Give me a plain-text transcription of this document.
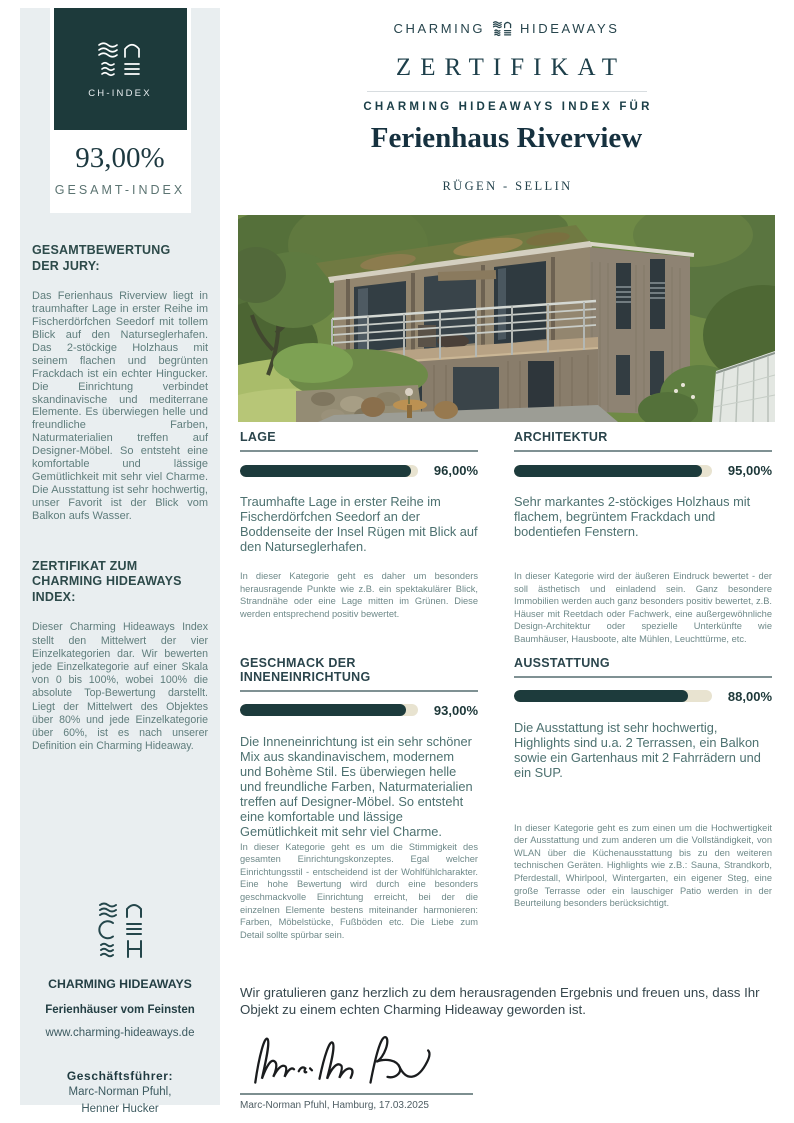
CH-INDEX
93,00%
GESAMT-INDEX
GESAMTBEWERTUNG
DER JURY:

Das Ferienhaus Riverview liegt in traumhafter Lage in erster Reihe im Fischerdörfchen Seedorf mit tollem Blick auf den Naturseglerhafen. Das 2-stöckige Holzhaus mit seinem flachen und begrünten Frackdach ist ein echter Hingucker. Die Einrichtung verbindet skandinavische und mediterrane Elemente. Es überwiegen helle und freundliche Farben, Naturmaterialien treffen auf Designer-Möbel. So entsteht eine komfortable und lässige Gemütlichkeit mit sehr viel Charme. Die Ausstattung ist sehr hochwertig, unser Favorit ist der Blick vom Balkon aufs Wasser.

ZERTIFIKAT ZUM
CHARMING HIDEAWAYS INDEX:

Dieser Charming Hideaways Index stellt den Mittelwert der vier Einzelkategorien dar. Wir bewerten jede Einzelkategorie auf einer Skala von 0 bis 100%, wobei 100% die absolute Top-Bewertung darstellt. Liegt der Mittelwert des Objektes über 80% und jede Einzelkategorie über 60%, ist es nach unserer Definition ein Charming Hideaway.

CHARMING HIDEAWAYS
Ferienhäuser vom Feinsten
www.charming-hideaways.de
Geschäftsführer:
Marc-Norman Pfuhl,
Henner Hucker
CHARMING	HIDEAWAYS
ZERTIFIKAT
CHARMING HIDEAWAYS INDEX FÜR
Ferienhaus Riverview
RÜGEN - SELLIN
LAGE
96,00%

Traumhafte Lage in erster Reihe im Fischerdörfchen Seedorf an der Boddenseite der Insel Rügen mit Blick auf den Naturseglerhafen.

In dieser Kategorie geht es daher um besonders herausragende Punkte wie z.B. ein spektakulärer Blick, Strandnähe oder eine Lage mitten im Grünen. Diese werden entsprechend positiv bewertet.

ARCHITEKTUR
95,00%

Sehr markantes 2-stöckiges Holzhaus mit flachem, begrüntem Frackdach und bodentiefen Fenstern.

In dieser Kategorie wird der äußeren Eindruck bewertet - der soll ästhetisch und einladend sein. Ganz besondere Immobilien werden auch ganz besonders positiv bewertet, z.B. Häuser mit Reetdach oder Fachwerk, eine außergewöhnliche Design-Architektur oder spezielle Unterkünfte wie Baumhäuser, Hausboote, alte Mühlen, Leuchttürme, etc.

GESCHMACK DER INNENEINRICHTUNG
93,00%

Die Inneneinrichtung ist ein sehr schöner Mix aus skandinavischem, modernem und Bohème Stil. Es überwiegen helle und freundliche Farben, Naturmaterialien treffen auf Designer-Möbel. So entsteht eine komfortable und lässige Gemütlichkeit mit sehr viel Charme.

In dieser Kategorie geht es um die Stimmigkeit des gesamten Einrichtungskonzeptes. Egal welcher Einrichtungsstil - entscheidend ist der Wohlfühlcharakter. Eine hohe Bewertung wird durch eine besonders geschmackvolle Einrichtung erreicht, bei der die einzelnen Elemente bestens miteinander harmonieren: Farben, Möbelstücke, Fußböden etc. Die Liebe zum Detail sollte spürbar sein.

AUSSTATTUNG
88,00%

Die Ausstattung ist sehr hochwertig, Highlights sind u.a. 2 Terrassen, ein Balkon sowie ein Gartenhaus mit 2 Fahrrädern und ein SUP.

In dieser Kategorie geht es zum einen um die Hochwertigkeit der Ausstattung und zum anderen um die Vollständigkeit, von WLAN über die Küchenausstattung bis zu den weiteren technischen Geräten. Highlights wie z.B.: Sauna, Strandkorb, Pferdestall, Whirlpool, Wintergarten, ein eigener Steg, eine große Terrasse oder ein lauschiger Patio werden in der Beurteilung besonders berücksichtigt.

Wir gratulieren ganz herzlich zu dem herausragenden Ergebnis und freuen uns, dass Ihr Objekt zu einem echten Charming Hideaway geworden ist.

Marc-Norman Pfuhl, Hamburg, 17.03.2025
